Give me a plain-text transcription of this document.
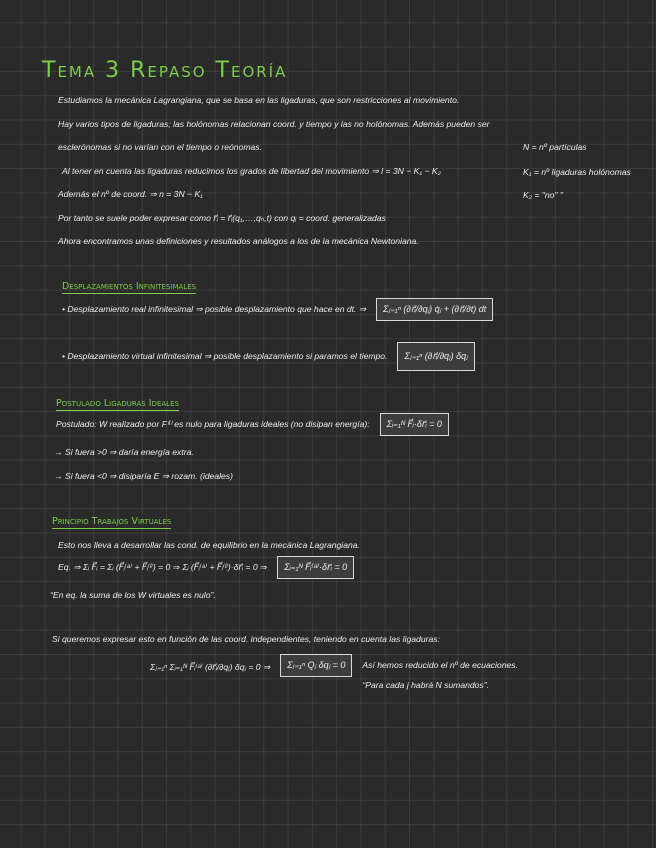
Tema 3 Repaso Teoría
Estudiamos la mecánica Lagrangiana, que se basa en las ligaduras, que son restricciones al movimiento.
Hay varios tipos de ligaduras; las holónomas relacionan coord. y tiempo y las no holónomas. Además pueden ser
esclerónomas si no varían con el tiempo o reónomas.	N = nº partículas
Al tener en cuenta las ligaduras reducimos los grados de libertad del movimiento ⇒ l = 3N − K₁ − K₂	K₁ = nº ligaduras holónomas
Además el nº de coord. ⇒ n = 3N − K₁	K₂ = "no" "
Por tanto se suele poder expresar como r⃗ᵢ = r⃗ᵢ(q₁,…,qₙ,t) con qᵢ = coord. generalizadas
Ahora encontramos unas definiciones y resultados análogos a los de la mecánica Newtoniana.
Desplazamientos Infinitesimales
• Desplazamiento real infinitesimal ⇒ posible desplazamiento que hace en dt. ⇒	Σⱼ₌₁ⁿ (∂r⃗ᵢ/∂qⱼ) q̇ⱼ + (∂r⃗ᵢ/∂t) dt
• Desplazamiento virtual infinitesimal ⇒ posible desplazamiento si paramos el tiempo.	Σⱼ₌₁ⁿ (∂r⃗ᵢ/∂qⱼ) δqⱼ
Postulado Ligaduras Ideales
Postulado: W realizado por F⁽ˡ⁾ es nulo para ligaduras ideales (no disipan energía):	Σᵢ₌₁ᴺ F⃗ᵢ·δr⃗ᵢ = 0
→ Si fuera >0 ⇒ daría energía extra.
→ Si fuera <0 ⇒ disiparía E ⇒ rozam. (ideales)
Principio Trabajos Virtuales
Esto nos lleva a desarrollar las cond. de equilibrio en la mecánica Lagrangiana.
Eq. ⇒ Σᵢ F⃗ᵢ = Σᵢ (F⃗ᵢ⁽ᵃ⁾ + F⃗ᵢ⁽ˡ⁾) = 0 ⇒ Σᵢ (F⃗ᵢ⁽ᵃ⁾ + F⃗ᵢ⁽ˡ⁾)·δr⃗ᵢ = 0 ⇒	Σᵢ₌₁ᴺ F⃗ᵢ⁽ᵃ⁾·δr⃗ᵢ = 0
“En eq. la suma de los W virtuales es nulo”.
Si queremos expresar esto en función de las coord. independientes, teniendo en cuenta las ligaduras:
Σⱼ₌₁ⁿ Σᵢ₌₁ᴺ F⃗ᵢ⁽ᵃ⁾ (∂r⃗ᵢ/∂qⱼ) δqⱼ = 0 ⇒	Σⱼ₌₁ⁿ Qⱼ δqⱼ = 0	Así hemos reducido el nº de ecuaciones.
“Para cada j habrá N sumandos”.
